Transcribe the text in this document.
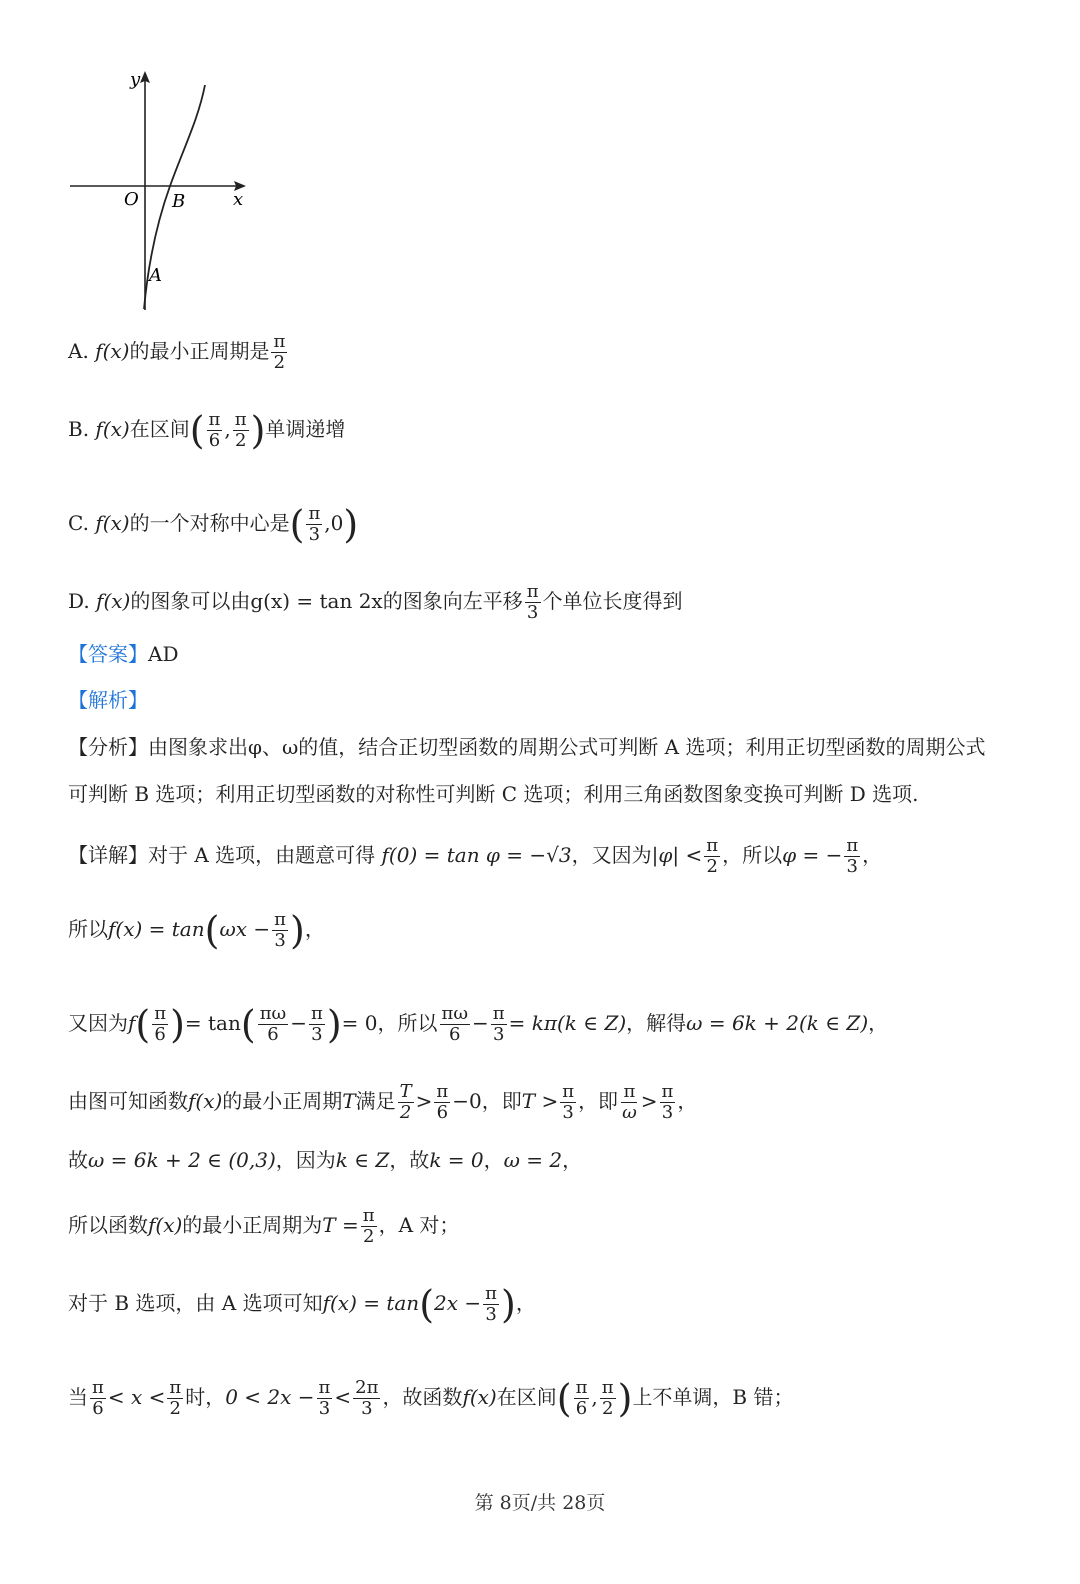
y
x
O B
A
A. f(x)的最小正周期是 $\frac{\pi}{2}$
B. f(x)在区间( $\frac{\pi}{6}$ , $\frac{\pi}{2}$ )单调递增
C. f(x)的一个对称中心是( $\frac{\pi}{3} ,0$)
D. f(x)的图象可以由g(x) = tan 2x的图象向左平移 $\frac{\pi}{3}$ 个单位长度得到
【答案】AD
【解析】
【分析】由图象求出φ、ω的值，结合正切型函数的周期公式可判断 A 选项；利用正切型函数的周期公式
可判断 B 选项；利用正切型函数的对称性可判断 C 选项；利用三角函数图象变换可判断 D 选项.
【详解】对于 A 选项，由题意可得 f(0) = tan φ = −√3，又因为$|\varphi| < \frac{\pi}{2}$ ，所以φ = − $\frac{\pi}{3}$ ，
所以$f(x) = \tan(\omega x - \frac{\pi}{3}$ )，
又因为$f( \frac{\pi}{6}$ )= $\tan( \frac{\pi\omega}{6} - \frac{\pi}{3}$ )= 0，所以 $\frac{\pi\omega}{6} - \frac{\pi}{3} = k\pi(k$ ∈ Z)，解得ω = 6k + 2(k ∈ Z)，
由图可知函数f(x)的最小正周期T满足 $\frac{T}{2} > \frac{\pi}{6} -0$，即$T > \frac{\pi}{3}$ ，即 $\frac{\pi}{\omega} > \frac{\pi}{3}$ ，
故ω = 6k + 2 ∈ (0,3)，因为k ∈ Z，故k = 0，ω = 2，
所以函数f(x)的最小正周期为$T = \frac{\pi}{2}$ ，A 对；
对于 B 选项，由 A 选项可知$f(x) = \tan(2x - \frac{\pi}{3}$ )，
当 $\frac{\pi}{6} < x < \frac{\pi}{2}$ 时，$0 < 2x - \frac{\pi}{3} < \frac{2\pi}{3}$ ，故函数f(x)在区间( $\frac{\pi}{6}$ , $\frac{\pi}{2}$ )上不单调，B 错；
第 8页/共 28页
